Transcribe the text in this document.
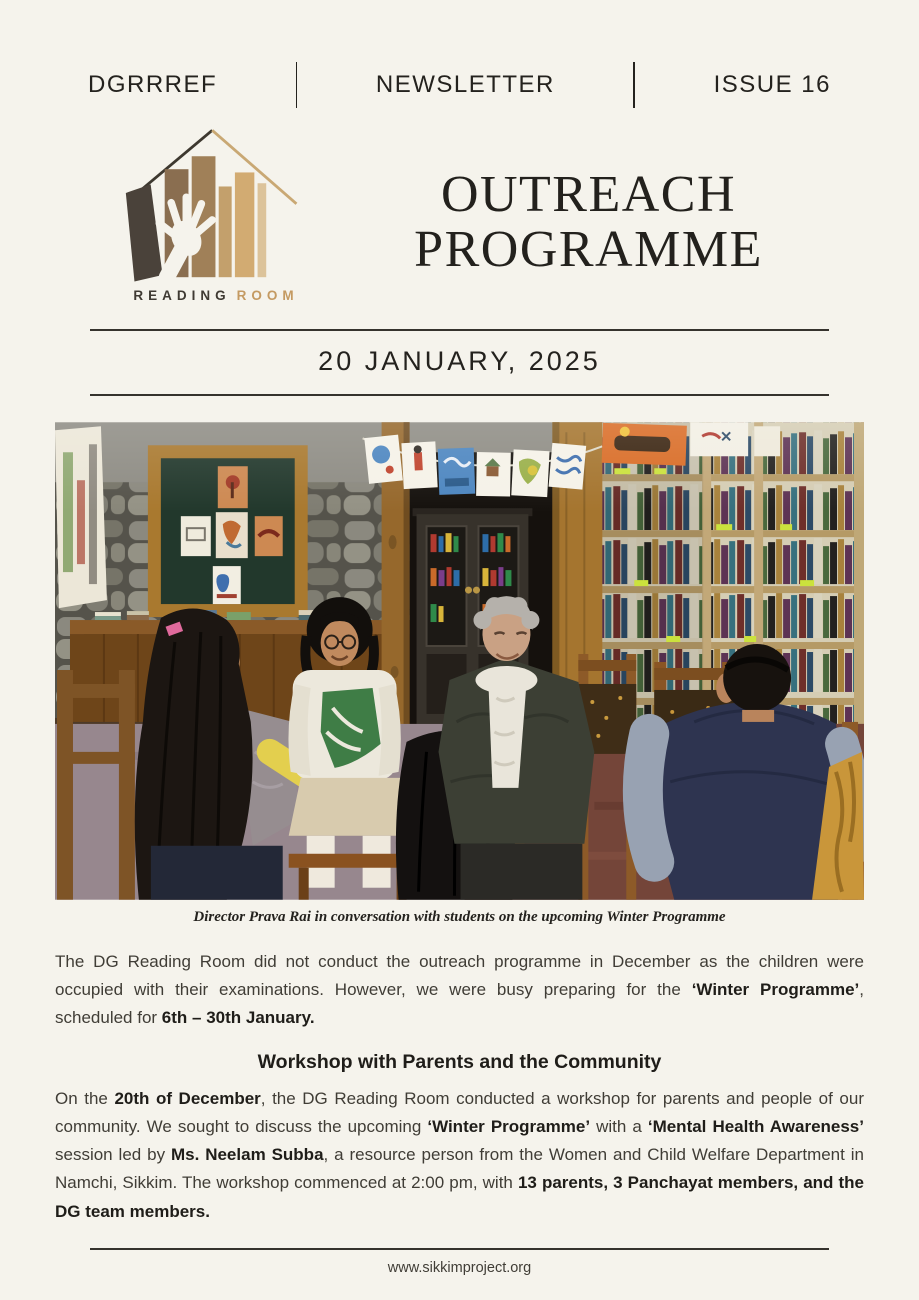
DGRRREF	NEWSLETTER	ISSUE 16
READING ROOM
OUTREACH
PROGRAMME
20 JANUARY, 2025
Director Prava Rai in conversation with students on the upcoming Winter Programme

The DG Reading Room did not conduct the outreach programme in December as the children were occupied with their examinations. However, we were busy preparing for the ‘Winter Programme’, scheduled for 6th – 30th January.

Workshop with Parents and the Community

On the 20th of December, the DG Reading Room conducted a workshop for parents and people of our community. We sought to discuss the upcoming ‘Winter Programme’ with a ‘Mental Health Awareness’ session led by Ms. Neelam Subba, a resource person from the Women and Child Welfare Department in Namchi, Sikkim. The workshop commenced at 2:00 pm, with 13 parents, 3 Panchayat members, and the DG team members.

www.sikkimproject.org
